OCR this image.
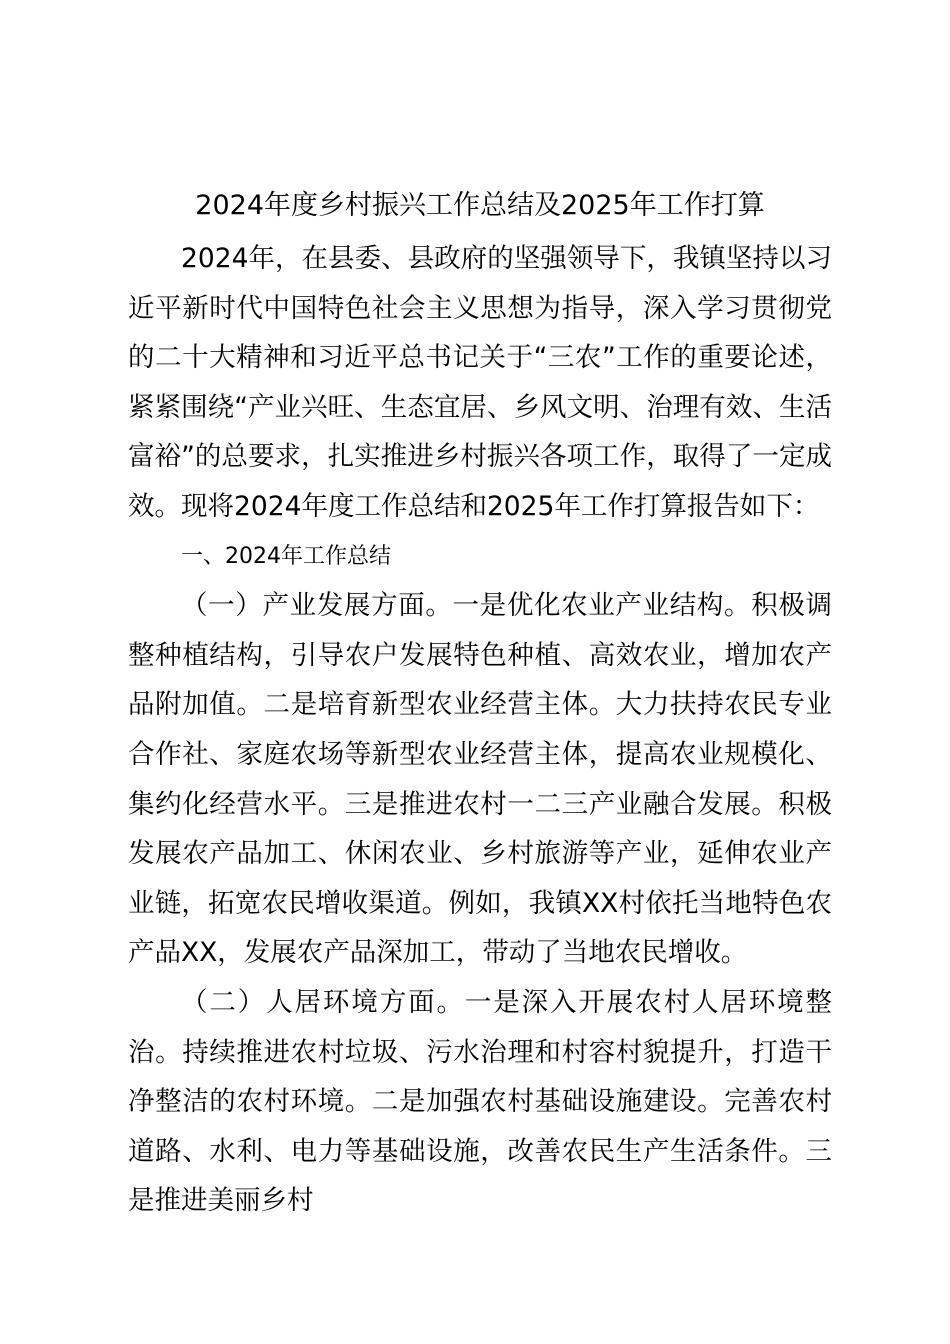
2024年度乡村振兴工作总结及2025年工作打算

2024年，在县委、县政府的坚强领导下，我镇坚持以习近平新时代中国特色社会主义思想为指导，深入学习贯彻党的二十大精神和习近平总书记关于“三农”工作的重要论述，紧紧围绕“产业兴旺、生态宜居、乡风文明、治理有效、生活富裕”的总要求，扎实推进乡村振兴各项工作，取得了一定成效。现将2024年度工作总结和2025年工作打算报告如下：

一、2024年工作总结

（一）产业发展方面。一是优化农业产业结构。积极调整种植结构，引导农户发展特色种植、高效农业，增加农产品附加值。二是培育新型农业经营主体。大力扶持农民专业合作社、家庭农场等新型农业经营主体，提高农业规模化、集约化经营水平。三是推进农村一二三产业融合发展。积极发展农产品加工、休闲农业、乡村旅游等产业，延伸农业产业链，拓宽农民增收渠道。例如，我镇XX村依托当地特色农产品XX，发展农产品深加工，带动了当地农民增收。

（二）人居环境方面。一是深入开展农村人居环境整治。持续推进农村垃圾、污水治理和村容村貌提升，打造干净整洁的农村环境。二是加强农村基础设施建设。完善农村道路、水利、电力等基础设施，改善农民生产生活条件。三是推进美丽乡村
